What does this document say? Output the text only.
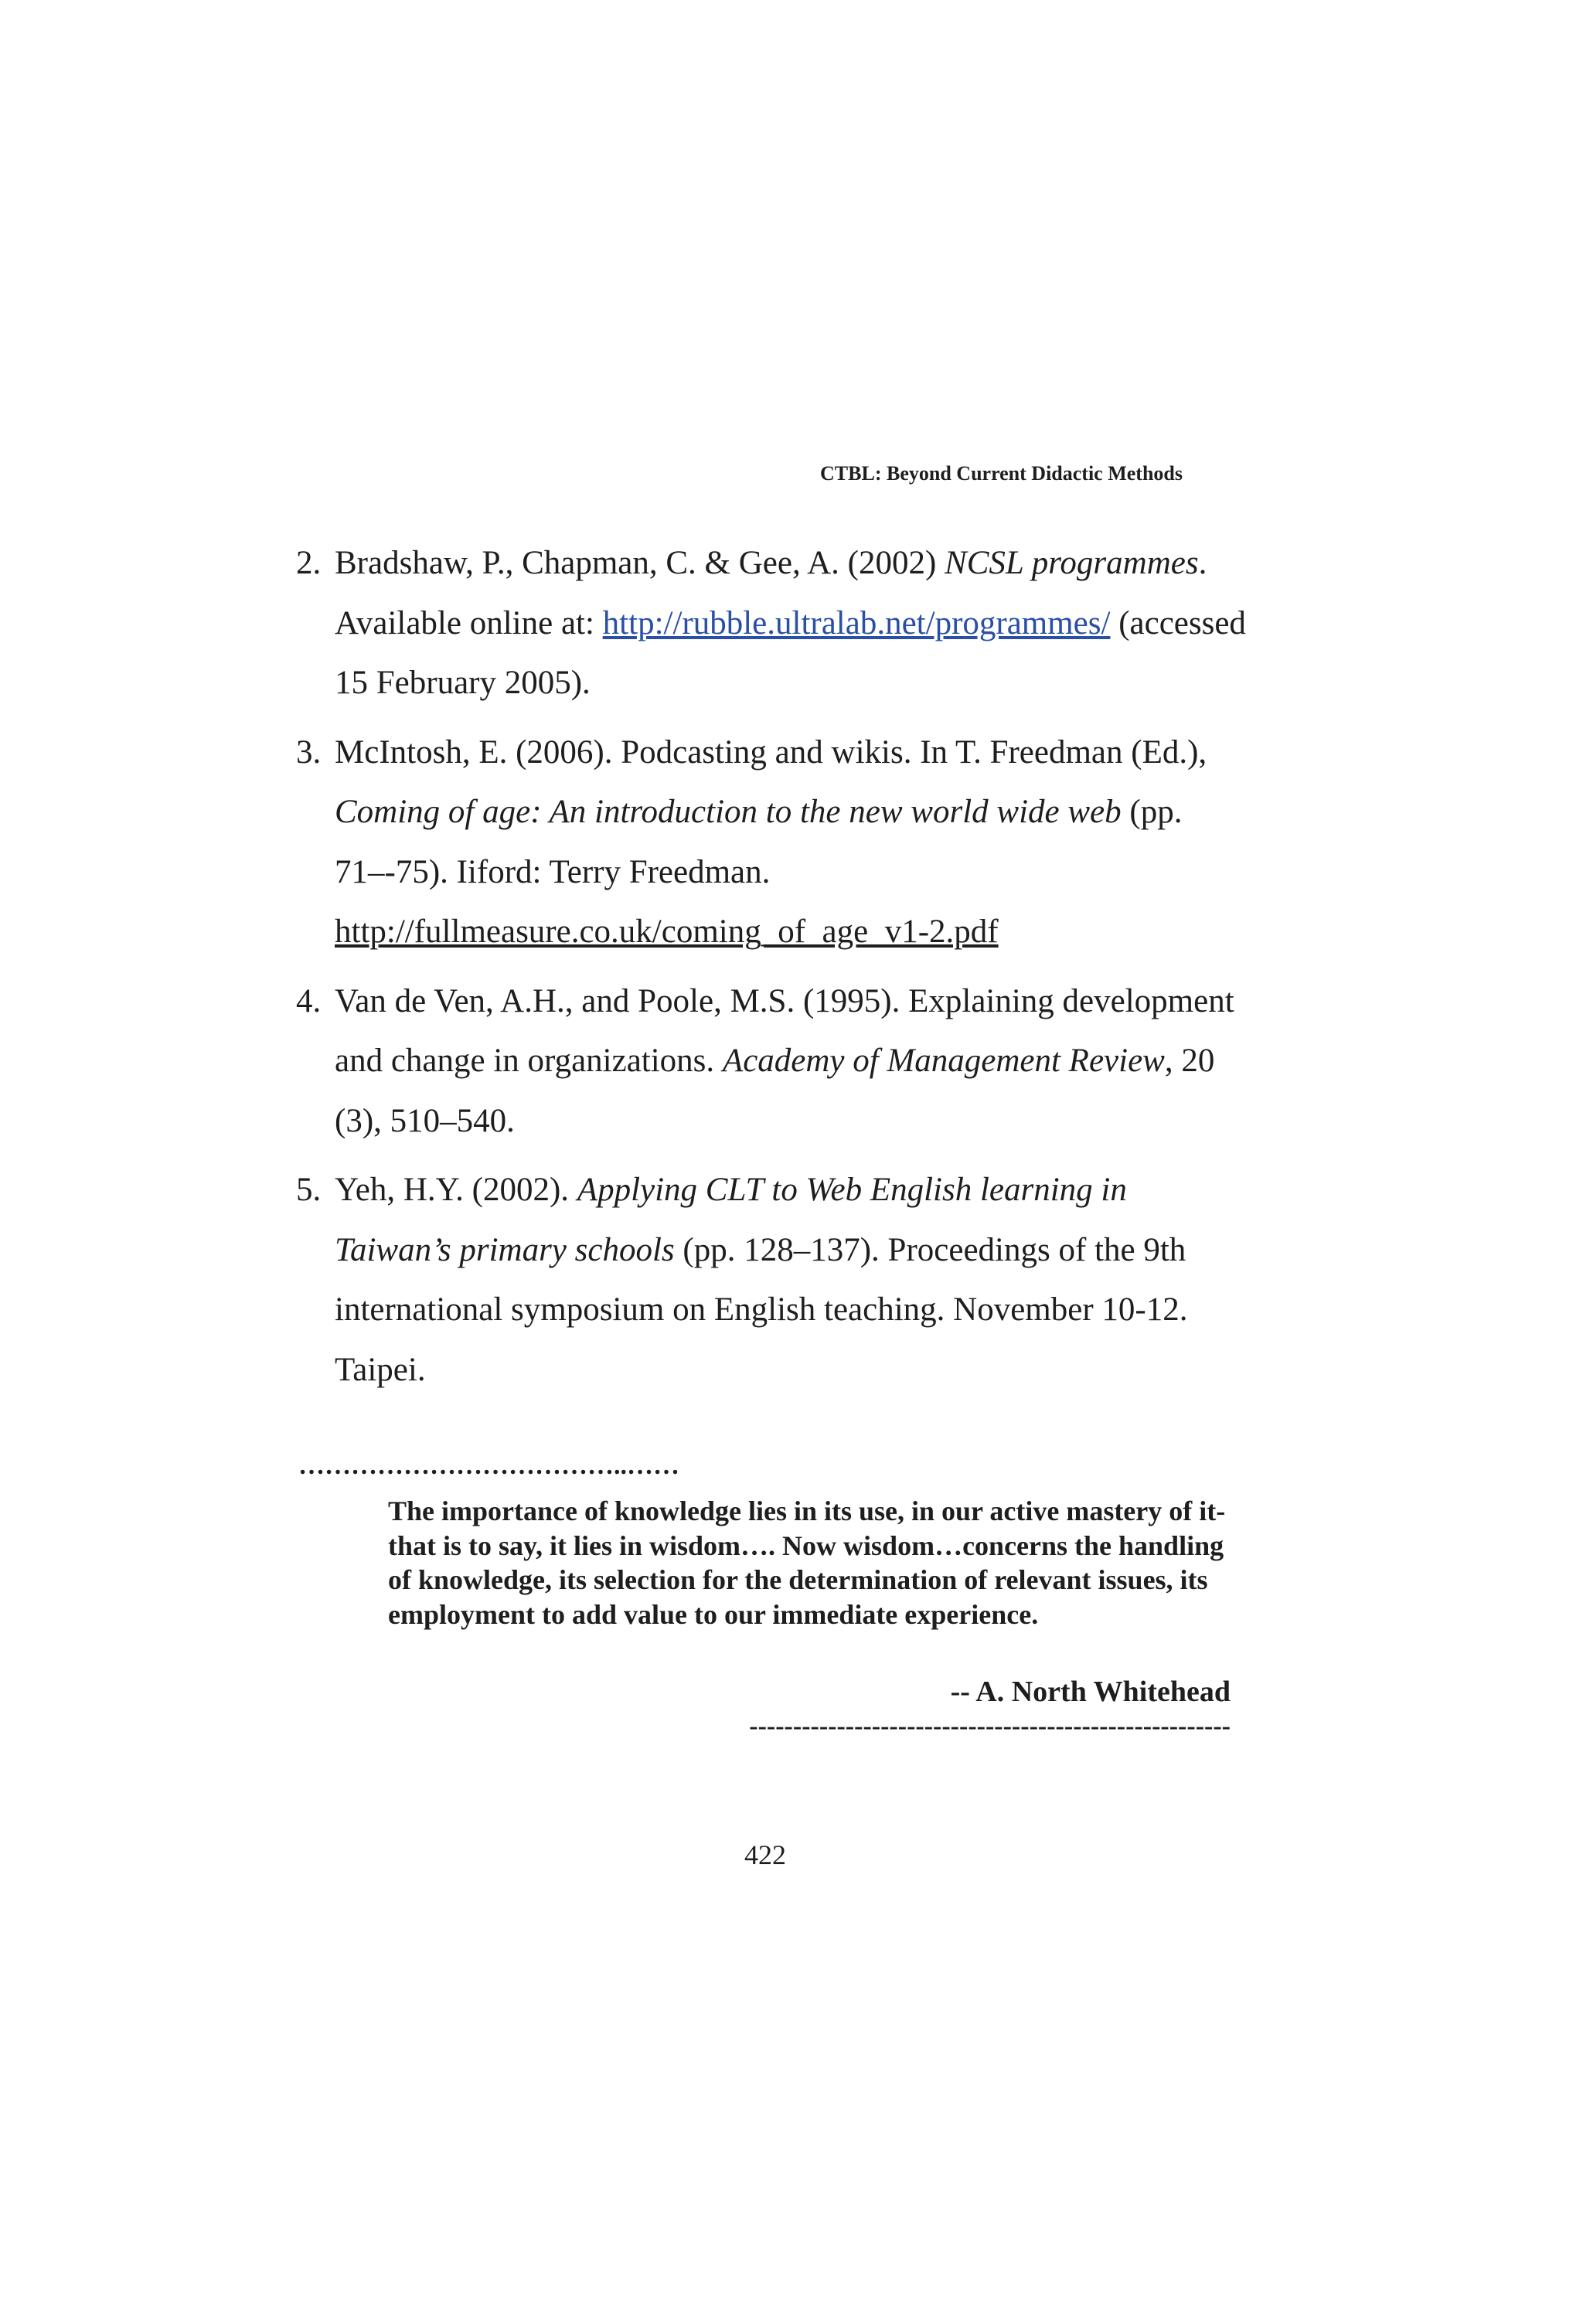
CTBL: Beyond Current Didactic Methods
2. Bradshaw, P., Chapman, C. & Gee, A. (2002) NCSL programmes. Available online at: http://rubble.ultralab.net/programmes/ (accessed 15 February 2005).
3. McIntosh, E. (2006). Podcasting and wikis. In T. Freedman (Ed.), Coming of age: An introduction to the new world wide web (pp. 71–-75). Iiford: Terry Freedman. http://fullmeasure.co.uk/coming_of_age_v1-2.pdf
4. Van de Ven, A.H., and Poole, M.S. (1995). Explaining development and change in organizations. Academy of Management Review, 20 (3), 510–540.
5. Yeh, H.Y. (2002). Applying CLT to Web English learning in Taiwan’s primary schools (pp. 128–137). Proceedings of the 9th international symposium on English teaching. November 10-12. Taipei.
………………………………..……
The importance of knowledge lies in its use, in our active mastery of it- that is to say, it lies in wisdom…. Now wisdom…concerns the handling of knowledge, its selection for the determination of relevant issues, its employment to add value to our immediate experience.
-- A. North Whitehead
-------------------------------------------------------
422
